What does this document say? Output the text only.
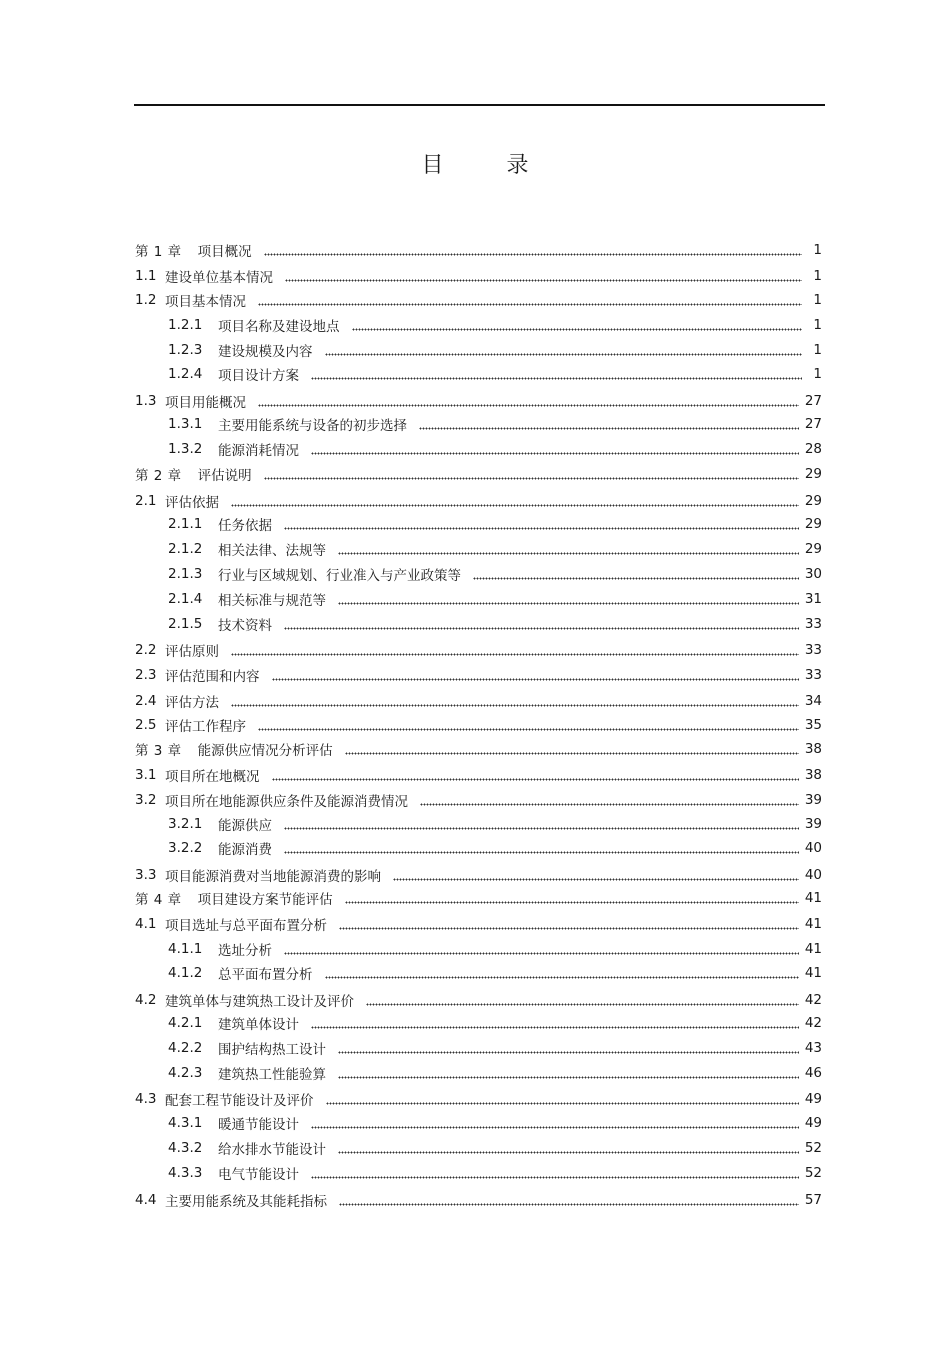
目 录
第 1 章 项目概况	1
1.1 建设单位基本情况	1
1.2 项目基本情况	1
1.2.1	项目名称及建设地点	1
1.2.3	建设规模及内容	1
1.2.4	项目设计方案	1
1.3 项目用能概况	27
1.3.1	主要用能系统与设备的初步选择	27
1.3.2	能源消耗情况	28
第 2 章 评估说明	29
2.1 评估依据	29
2.1.1	任务依据	29
2.1.2	相关法律、法规等	29
2.1.3	行业与区域规划、行业准入与产业政策等	30
2.1.4	相关标准与规范等	31
2.1.5	技术资料	33
2.2 评估原则	33
2.3 评估范围和内容	33
2.4 评估方法	34
2.5 评估工作程序	35
第 3 章 能源供应情况分析评估	38
3.1 项目所在地概况	38
3.2 项目所在地能源供应条件及能源消费情况	39
3.2.1	能源供应	39
3.2.2	能源消费	40
3.3 项目能源消费对当地能源消费的影响	40
第 4 章 项目建设方案节能评估	41
4.1 项目选址与总平面布置分析	41
4.1.1	选址分析	41
4.1.2	总平面布置分析	41
4.2 建筑单体与建筑热工设计及评价	42
4.2.1	建筑单体设计	42
4.2.2	围护结构热工设计	43
4.2.3	建筑热工性能验算	46
4.3 配套工程节能设计及评价	49
4.3.1	暖通节能设计	49
4.3.2	给水排水节能设计	52
4.3.3	电气节能设计	52
4.4 主要用能系统及其能耗指标	57
